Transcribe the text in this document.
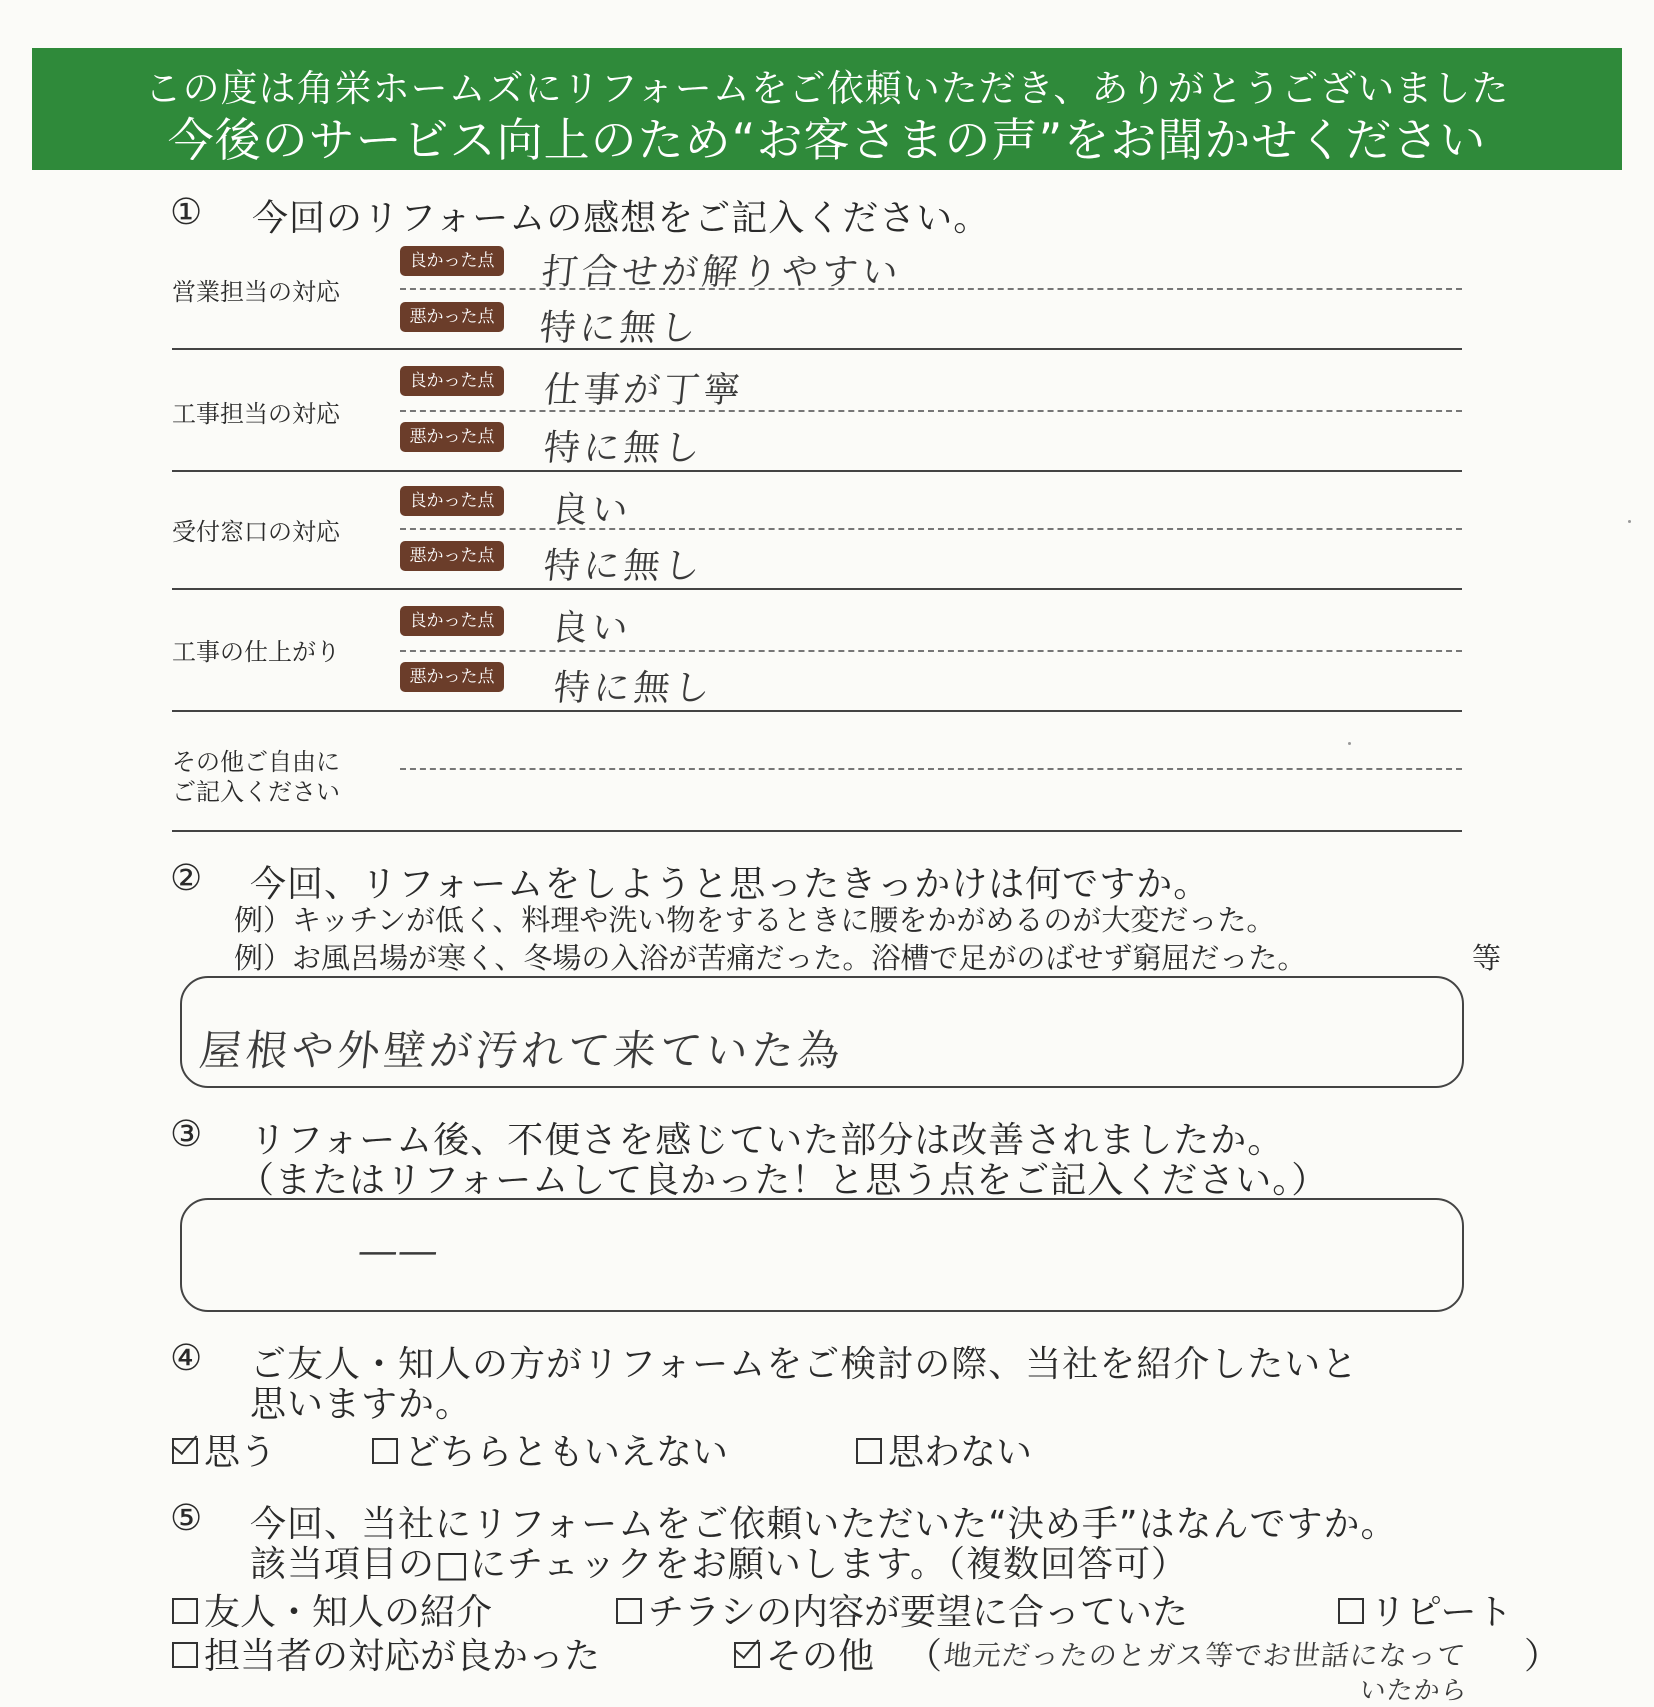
この度は角栄ホームズにリフォームをご依頼いただき、ありがとうございました
今後のサービス向上のため“お客さまの声”をお聞かせください
① 今回のリフォームの感想をご記入ください。
営業担当の対応
良かった点 打合せが解りやすい
悪かった点 特に無し
工事担当の対応
良かった点 仕事が丁寧
悪かった点 特に無し
受付窓口の対応
良かった点 良い
悪かった点 特に無し
工事の仕上がり
良かった点 良い
悪かった点 特に無し
その他ご自由に
ご記入ください
② 今回、リフォームをしようと思ったきっかけは何ですか。
例）キッチンが低く、料理や洗い物をするときに腰をかがめるのが大変だった。
例）お風呂場が寒く、冬場の入浴が苦痛だった。浴槽で足がのばせず窮屈だった。	等
屋根や外壁が汚れて来ていた為
③ リフォーム後、不便さを感じていた部分は改善されましたか。
（またはリフォームして良かった！と思う点をご記入ください。）
——
④ ご友人・知人の方がリフォームをご検討の際、当社を紹介したいと
思いますか。
思う	どちらともいえない	思わない
⑤ 今回、当社にリフォームをご依頼いただいた“決め手”はなんですか。
該当項目の□にチェックをお願いします。（複数回答可）
友人・知人の紹介	チラシの内容が要望に合っていた	リピート
担当者の対応が良かった	その他 （ 地元だったのとガス等でお世話になって ）
いたから
